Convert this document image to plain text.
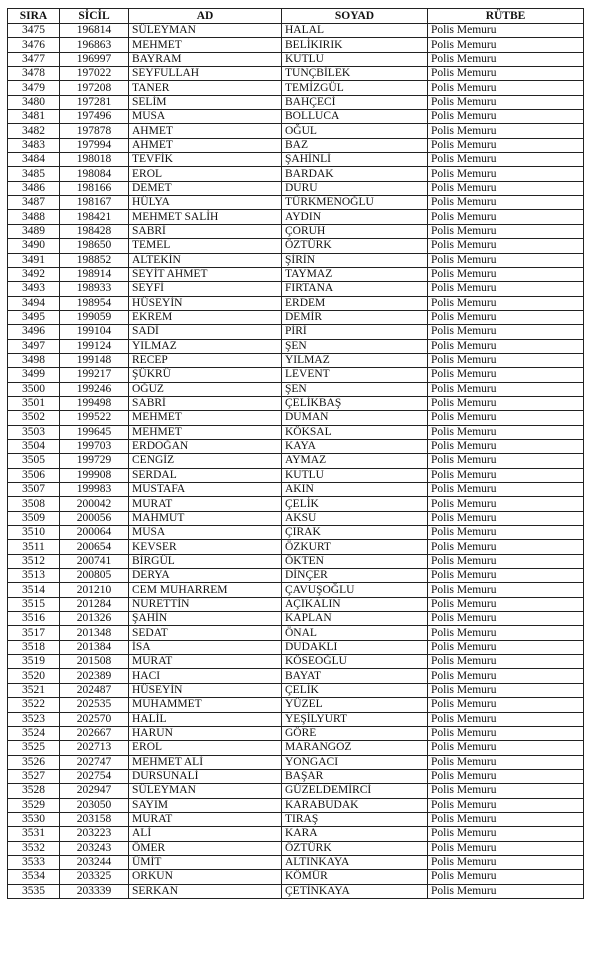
SIRA	SİCİL	AD	SOYAD	RÜTBE
3475	196814	SÜLEYMAN	HALAL	Polis Memuru
3476	196863	MEHMET	BELİKIRIK	Polis Memuru
3477	196997	BAYRAM	KUTLU	Polis Memuru
3478	197022	SEYFULLAH	TUNÇBİLEK	Polis Memuru
3479	197208	TANER	TEMİZGÜL	Polis Memuru
3480	197281	SELİM	BAHÇECİ	Polis Memuru
3481	197496	MUSA	BOLLUCA	Polis Memuru
3482	197878	AHMET	OĞUL	Polis Memuru
3483	197994	AHMET	BAZ	Polis Memuru
3484	198018	TEVFİK	ŞAHİNLİ	Polis Memuru
3485	198084	EROL	BARDAK	Polis Memuru
3486	198166	DEMET	DURU	Polis Memuru
3487	198167	HÜLYA	TÜRKMENOĞLU	Polis Memuru
3488	198421	MEHMET SALİH	AYDIN	Polis Memuru
3489	198428	SABRİ	ÇORUH	Polis Memuru
3490	198650	TEMEL	ÖZTÜRK	Polis Memuru
3491	198852	ALTEKİN	ŞİRİN	Polis Memuru
3492	198914	SEYİT AHMET	TAYMAZ	Polis Memuru
3493	198933	SEYFİ	FIRTANA	Polis Memuru
3494	198954	HÜSEYİN	ERDEM	Polis Memuru
3495	199059	EKREM	DEMİR	Polis Memuru
3496	199104	SADİ	PİRİ	Polis Memuru
3497	199124	YILMAZ	ŞEN	Polis Memuru
3498	199148	RECEP	YILMAZ	Polis Memuru
3499	199217	ŞÜKRÜ	LEVENT	Polis Memuru
3500	199246	OĞUZ	ŞEN	Polis Memuru
3501	199498	SABRİ	ÇELİKBAŞ	Polis Memuru
3502	199522	MEHMET	DUMAN	Polis Memuru
3503	199645	MEHMET	KÖKSAL	Polis Memuru
3504	199703	ERDOĞAN	KAYA	Polis Memuru
3505	199729	CENGİZ	AYMAZ	Polis Memuru
3506	199908	SERDAL	KUTLU	Polis Memuru
3507	199983	MUSTAFA	AKIN	Polis Memuru
3508	200042	MURAT	ÇELİK	Polis Memuru
3509	200056	MAHMUT	AKSU	Polis Memuru
3510	200064	MUSA	ÇIRAK	Polis Memuru
3511	200654	KEVSER	ÖZKURT	Polis Memuru
3512	200741	BİRGÜL	ÖKTEN	Polis Memuru
3513	200805	DERYA	DİNÇER	Polis Memuru
3514	201210	CEM MUHARREM	ÇAVUŞOĞLU	Polis Memuru
3515	201284	NURETTİN	AÇIKALIN	Polis Memuru
3516	201326	ŞAHİN	KAPLAN	Polis Memuru
3517	201348	SEDAT	ÖNAL	Polis Memuru
3518	201384	İSA	DUDAKLI	Polis Memuru
3519	201508	MURAT	KÖSEOĞLU	Polis Memuru
3520	202389	HACI	BAYAT	Polis Memuru
3521	202487	HÜSEYİN	ÇELİK	Polis Memuru
3522	202535	MUHAMMET	YÜZEL	Polis Memuru
3523	202570	HALİL	YEŞİLYURT	Polis Memuru
3524	202667	HARUN	GÖRE	Polis Memuru
3525	202713	EROL	MARANGOZ	Polis Memuru
3526	202747	MEHMET ALİ	YONGACI	Polis Memuru
3527	202754	DURSUNALİ	BAŞAR	Polis Memuru
3528	202947	SÜLEYMAN	GÜZELDEMİRCİ	Polis Memuru
3529	203050	SAYIM	KARABUDAK	Polis Memuru
3530	203158	MURAT	TIRAŞ	Polis Memuru
3531	203223	ALİ	KARA	Polis Memuru
3532	203243	ÖMER	ÖZTÜRK	Polis Memuru
3533	203244	ÜMİT	ALTINKAYA	Polis Memuru
3534	203325	ORKUN	KÖMÜR	Polis Memuru
3535	203339	SERKAN	ÇETİNKAYA	Polis Memuru
